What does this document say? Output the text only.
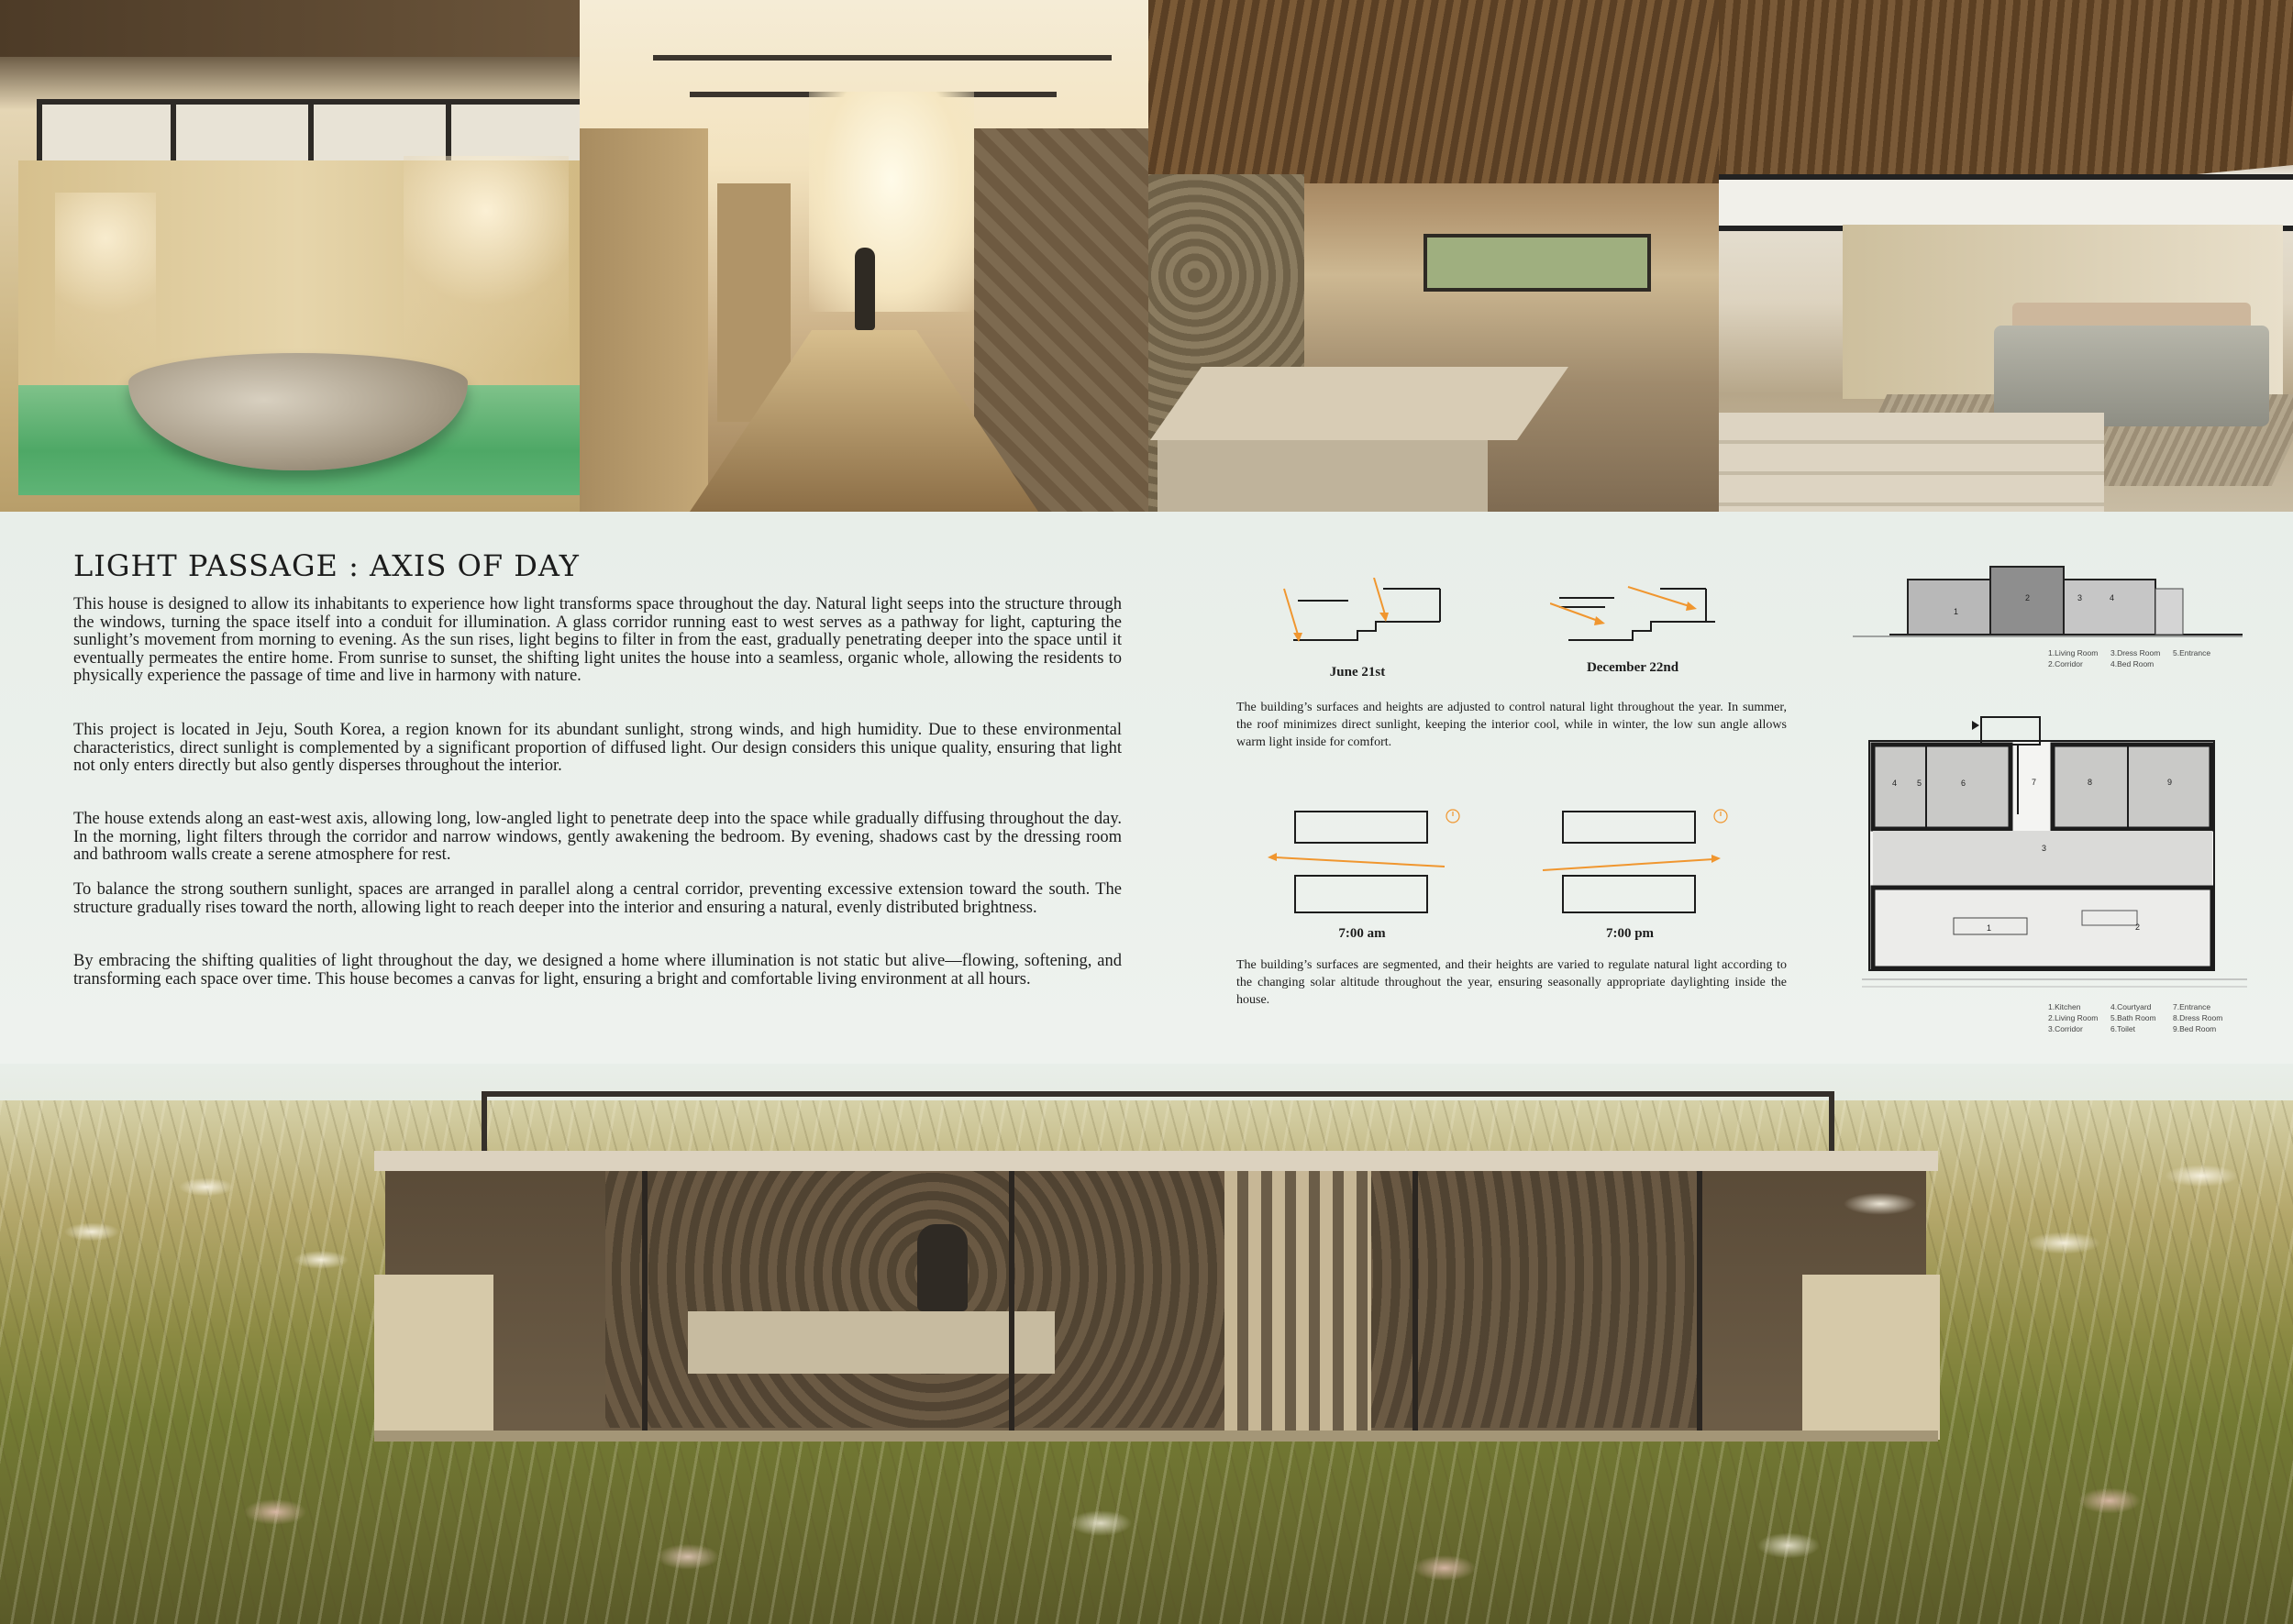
LIGHT PASSAGE : AXIS OF DAY

This house is designed to allow its inhabitants to experience how light transforms space throughout the day. Natural light seeps into the structure through the windows, turning the space itself into a conduit for illumination. A glass corridor running east to west serves as a pathway for light, capturing the sunlight’s movement from morning to evening. As the sun rises, light begins to filter in from the east, gradually penetrating deeper into the space until it eventually permeates the entire home. From sunrise to sunset, the shifting light unites the house into a seamless, organic whole, allowing the residents to physically experience the passage of time and live in harmony with nature.

This project is located in Jeju, South Korea, a region known for its abundant sunlight, strong winds, and high humidity. Due to these environmental characteristics, direct sunlight is complemented by a significant proportion of diffused light. Our design considers this unique quality, ensuring that light not only enters directly but also gently disperses throughout the interior.

The house extends along an east-west axis, allowing long, low-angled light to penetrate deep into the space while gradually diffusing throughout the day. In the morning, light filters through the corridor and narrow windows, gently awakening the bedroom. By evening, shadows cast by the dressing room and bathroom walls create a serene atmosphere for rest.

To balance the strong southern sunlight, spaces are arranged in parallel along a central corridor, preventing excessive extension toward the south. The structure gradually rises toward the north, allowing light to reach deeper into the interior and ensuring a natural, evenly distributed brightness.

By embracing the shifting qualities of light throughout the day, we designed a home where illumination is not static but alive—flowing, softening, and transforming each space over time. This house becomes a canvas for light, ensuring a bright and comfortable living environment at all hours.

June 21st	December 22nd
The building’s surfaces and heights are adjusted to control natural light throughout the year. In summer, the roof minimizes direct sunlight, keeping the interior cool, while in winter, the low sun angle allows warm light inside for comfort.
7:00 am	7:00 pm
The building’s surfaces are segmented, and their heights are varied to regulate natural light according to the changing solar altitude throughout the year, ensuring seasonally appropriate daylighting inside the house.
1
2	3	4
1.Living Room 3.Dress Room 5.Entrance
2.Corridor	4.Bed Room
1	2
3
4 5	6	7	8	9
1.Kitchen	4.Courtyard	7.Entrance
2.Living Room 5.Bath Room 8.Dress Room
3.Corridor	6.Toilet	9.Bed Room
